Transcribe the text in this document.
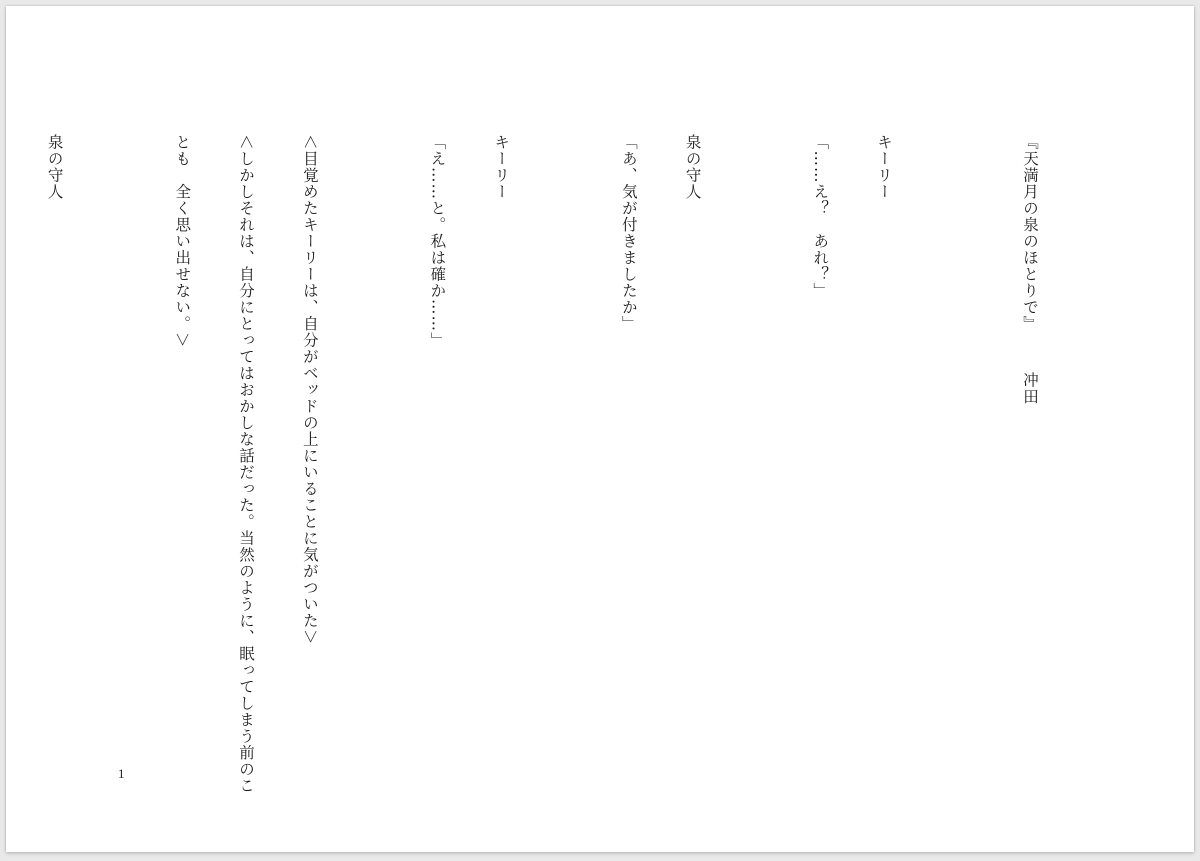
『天満月の泉のほとりで』冲田

キーリー

「……え？　あれ？」

泉の守人

「あ、気が付きましたか」

キーリー

「え……と。私は確か……」

＜目覚めたキーリーは、自分がベッドの上にいることに気がついた＞

＜しかしそれは、自分にとってはおかしな話だった。当然のように、眠ってしまう前のこ

とも　全く思い出せない。＞

泉の守人

1
